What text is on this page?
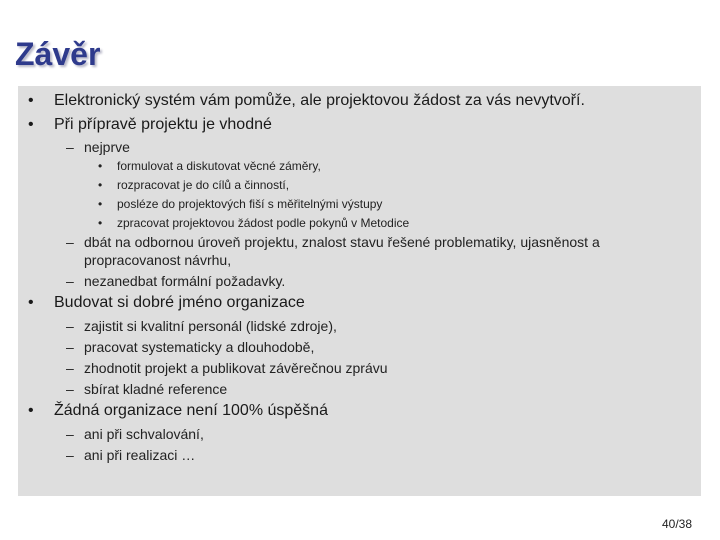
Závěr
• Elektronický systém vám pomůže, ale projektovou žádost za vás nevytvoří.
• Při přípravě projektu je vhodné
– nejprve
• formulovat a diskutovat věcné záměry,
• rozpracovat je do cílů a činností,
• posléze do projektových fiší s měřitelnými výstupy
• zpracovat projektovou žádost podle pokynů v Metodice
– dbát na odbornou úroveň projektu, znalost stavu řešené problematiky, ujasněnost a
propracovanost návrhu,
– nezanedbat formální požadavky.
• Budovat si dobré jméno organizace
– zajistit si kvalitní personál (lidské zdroje),
– pracovat systematicky a dlouhodobě,
– zhodnotit projekt a publikovat závěrečnou zprávu
– sbírat kladné reference
• Žádná organizace není 100% úspěšná
– ani při schvalování,
– ani při realizaci …
40/38
